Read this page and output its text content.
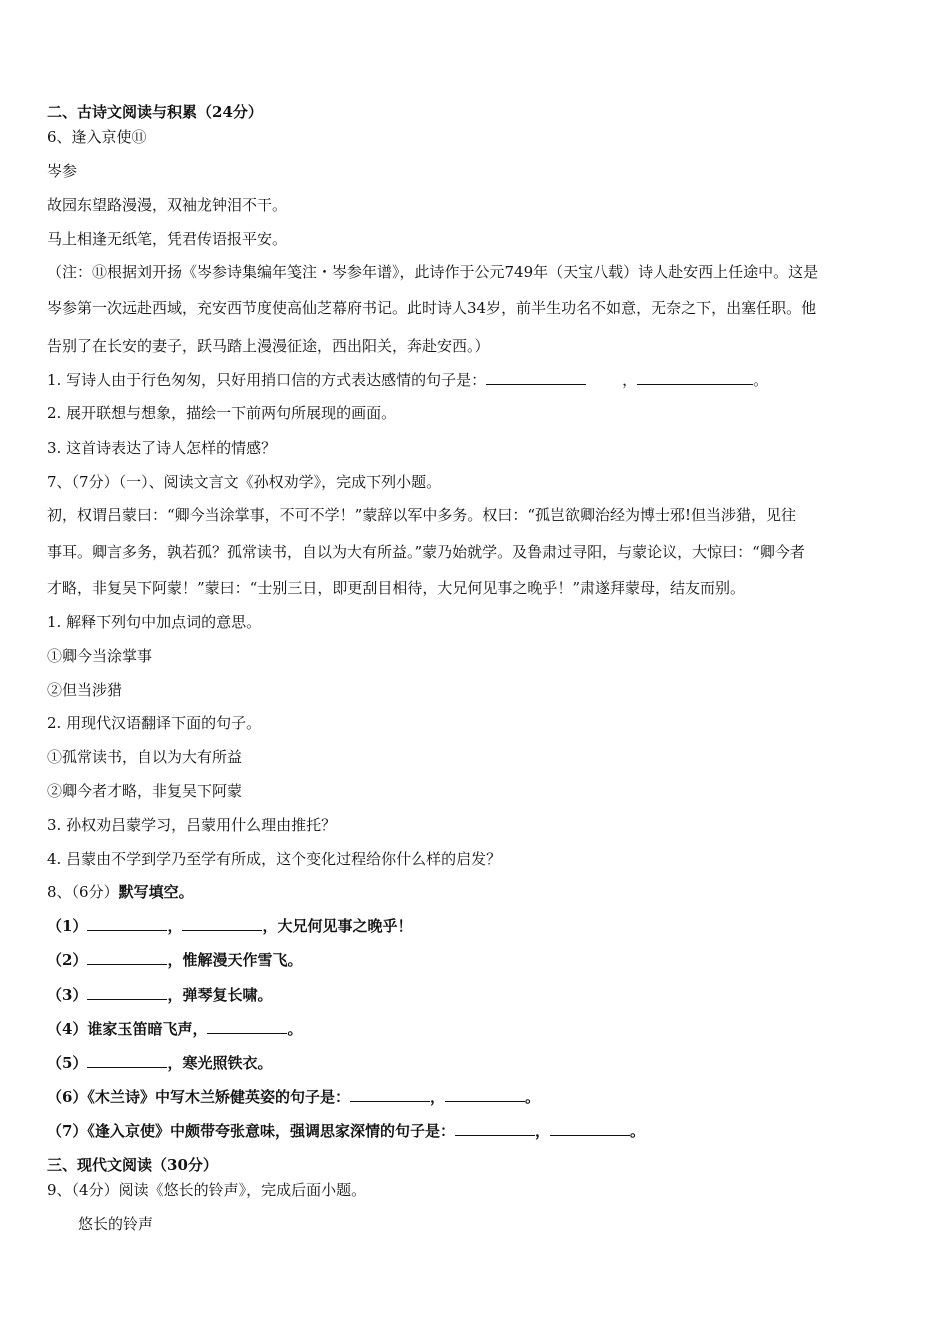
二、古诗文阅读与积累（24分）
6、逢入京使⑪
岑参
故园东望路漫漫，双袖龙钟泪不干。
马上相逢无纸笔，凭君传语报平安。
（注：⑪根据刘开扬《岑参诗集编年笺注・岑参年谱》，此诗作于公元749年（天宝八载）诗人赴安西上任途中。这是
岑参第一次远赴西域，充安西节度使高仙芝幕府书记。此时诗人34岁，前半生功名不如意，无奈之下，出塞任职。他
告别了在长安的妻子，跃马踏上漫漫征途，西出阳关，奔赴安西。）
1. 写诗人由于行色匆匆，只好用捎口信的方式表达感情的句子是：	，	。
2. 展开联想与想象，描绘一下前两句所展现的画面。
3. 这首诗表达了诗人怎样的情感？
7、（7分）（一）、阅读文言文《孙权劝学》，完成下列小题。
初，权谓吕蒙曰：“卿今当涂掌事，不可不学！”蒙辞以军中多务。权曰：“孤岂欲卿治经为博士邪!但当涉猎，见往
事耳。卿言多务，孰若孤？孤常读书，自以为大有所益。”蒙乃始就学。及鲁肃过寻阳，与蒙论议，大惊曰：“卿今者
才略，非复吴下阿蒙！”蒙曰：“士别三日，即更刮目相待，大兄何见事之晚乎！”肃遂拜蒙母，结友而别。
1. 解释下列句中加点词的意思。
①卿今当涂掌事
②但当涉猎
2. 用现代汉语翻译下面的句子。
①孤常读书，自以为大有所益
②卿今者才略，非复吴下阿蒙
3. 孙权劝吕蒙学习，吕蒙用什么理由推托？
4. 吕蒙由不学到学乃至学有所成，这个变化过程给你什么样的启发？
8、（6分）默写填空。
（1）	，	，大兄何见事之晚乎！
（2）	，惟解漫天作雪飞。
（3）	，弹琴复长啸。
（4）谁家玉笛暗飞声，	。
（5）	，寒光照铁衣。
（6）《木兰诗》中写木兰矫健英姿的句子是：	，	。
（7）《逢入京使》中颇带夸张意味，强调思家深情的句子是：	，	。
三、现代文阅读（30分）
9、（4分）阅读《悠长的铃声》，完成后面小题。
悠长的铃声
